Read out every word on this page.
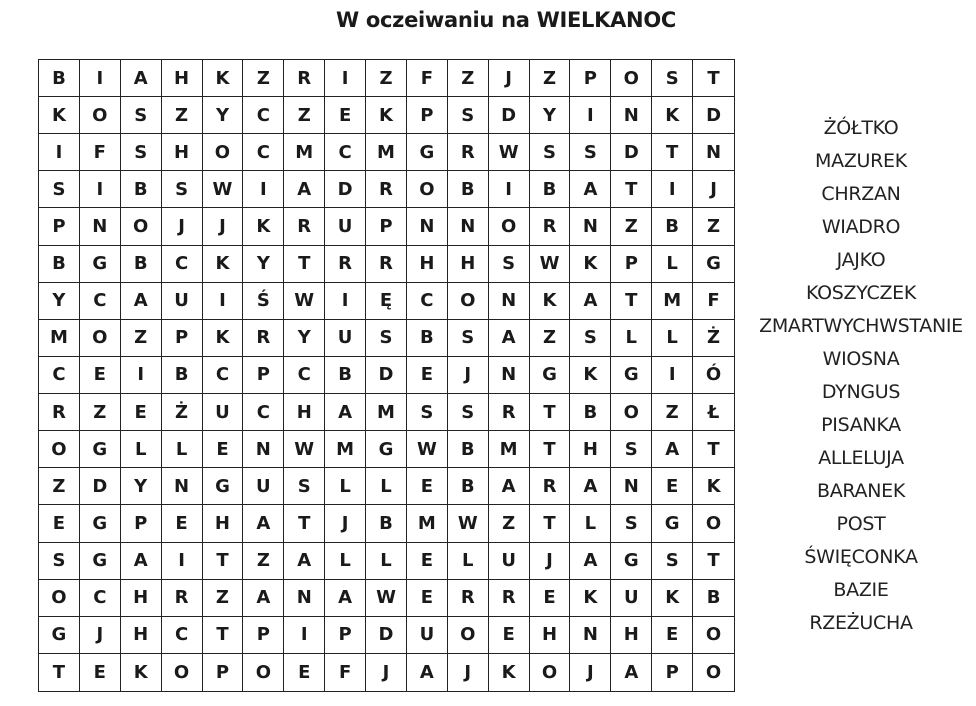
W oczeiwaniu na WIELKANOC
B	I	A	H	K	Z	R	I	Z	F	Z	J	Z	P	O	S	T
K	O	S	Z	Y	C	Z	E	K	P	S	D	Y	I	N	K	D
I	F	S	H	O	C	M	C	M	G	R	W	S	S	D	T	N
S	I	B	S	W	I	A	D	R	O	B	I	B	A	T	I	J
P	N	O	J	J	K	R	U	P	N	N	O	R	N	Z	B	Z
B	G	B	C	K	Y	T	R	R	H	H	S	W	K	P	L	G
Y	C	A	U	I	Ś	W	I	Ę	C	O	N	K	A	T	M	F
M	O	Z	P	K	R	Y	U	S	B	S	A	Z	S	L	L	Ż
C	E	I	B	C	P	C	B	D	E	J	N	G	K	G	I	Ó
R	Z	E	Ż	U	C	H	A	M	S	S	R	T	B	O	Z	Ł
O	G	L	L	E	N	W	M	G	W	B	M	T	H	S	A	T
Z	D	Y	N	G	U	S	L	L	E	B	A	R	A	N	E	K
E	G	P	E	H	A	T	J	B	M	W	Z	T	L	S	G	O
S	G	A	I	T	Z	A	L	L	E	L	U	J	A	G	S	T
O	C	H	R	Z	A	N	A	W	E	R	R	E	K	U	K	B
G	J	H	C	T	P	I	P	D	U	O	E	H	N	H	E	O
T	E	K	O	P	O	E	F	J	A	J	K	O	J	A	P	O
ŻÓŁTKO
MAZUREK
CHRZAN
WIADRO
JAJKO
KOSZYCZEK
ZMARTWYCHWSTANIE
WIOSNA
DYNGUS
PISANKA
ALLELUJA
BARANEK
POST
ŚWIĘCONKA
BAZIE
RZEŻUCHA
